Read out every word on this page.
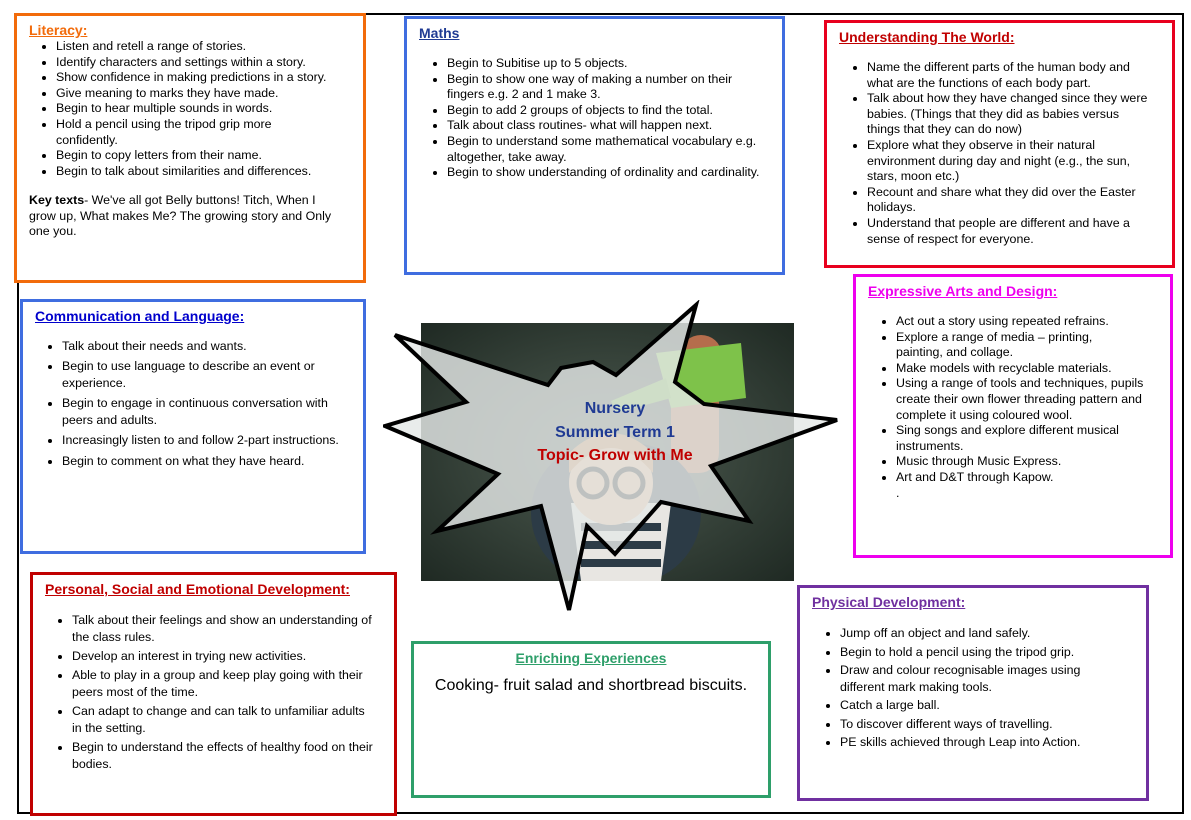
Literacy:
• Listen and retell a range of stories.
• Identify characters and settings within a story.
• Show confidence in making predictions in a story.
• Give meaning to marks they have made.
• Begin to hear multiple sounds in words.
• Hold a pencil using the tripod grip more confidently.
• Begin to copy letters from their name.
• Begin to talk about similarities and differences.
Key texts- We've all got Belly buttons! Titch, When I grow up, What makes Me? The growing story and Only one you.
Maths
• Begin to Subitise up to 5 objects.
• Begin to show one way of making a number on their fingers e.g. 2 and 1 make 3.
• Begin to add 2 groups of objects to find the total.
• Talk about class routines- what will happen next.
• Begin to understand some mathematical vocabulary e.g. altogether, take away.
• Begin to show understanding of ordinality and cardinality.
Understanding The World:
• Name the different parts of the human body and what are the functions of each body part.
• Talk about how they have changed since they were babies. (Things that they did as babies versus things that they can do now)
• Explore what they observe in their natural environment during day and night (e.g., the sun, stars, moon etc.)
• Recount and share what they did over the Easter holidays.
• Understand that people are different and have a sense of respect for everyone.
Communication and Language:
• Talk about their needs and wants.
• Begin to use language to describe an event or experience.
• Begin to engage in continuous conversation with peers and adults.
• Increasingly listen to and follow 2-part instructions.
• Begin to comment on what they have heard.
Nursery
Summer Term 1
Topic- Grow with Me
Expressive Arts and Design:
• Act out a story using repeated refrains.
• Explore a range of media – printing, painting, and collage.
• Make models with recyclable materials.
• Using a range of tools and techniques, pupils create their own flower threading pattern and complete it using coloured wool.
• Sing songs and explore different musical instruments.
• Music through Music Express.
• Art and D&T through Kapow.
.
Personal, Social and Emotional Development:
• Talk about their feelings and show an understanding of the class rules.
• Develop an interest in trying new activities.
• Able to play in a group and keep play going with their peers most of the time.
• Can adapt to change and can talk to unfamiliar adults in the setting.
• Begin to understand the effects of healthy food on their bodies.
Enriching Experiences
Cooking- fruit salad and shortbread biscuits.
Physical Development:
• Jump off an object and land safely.
• Begin to hold a pencil using the tripod grip.
• Draw and colour recognisable images using different mark making tools.
• Catch a large ball.
• To discover different ways of travelling.
• PE skills achieved through Leap into Action.
